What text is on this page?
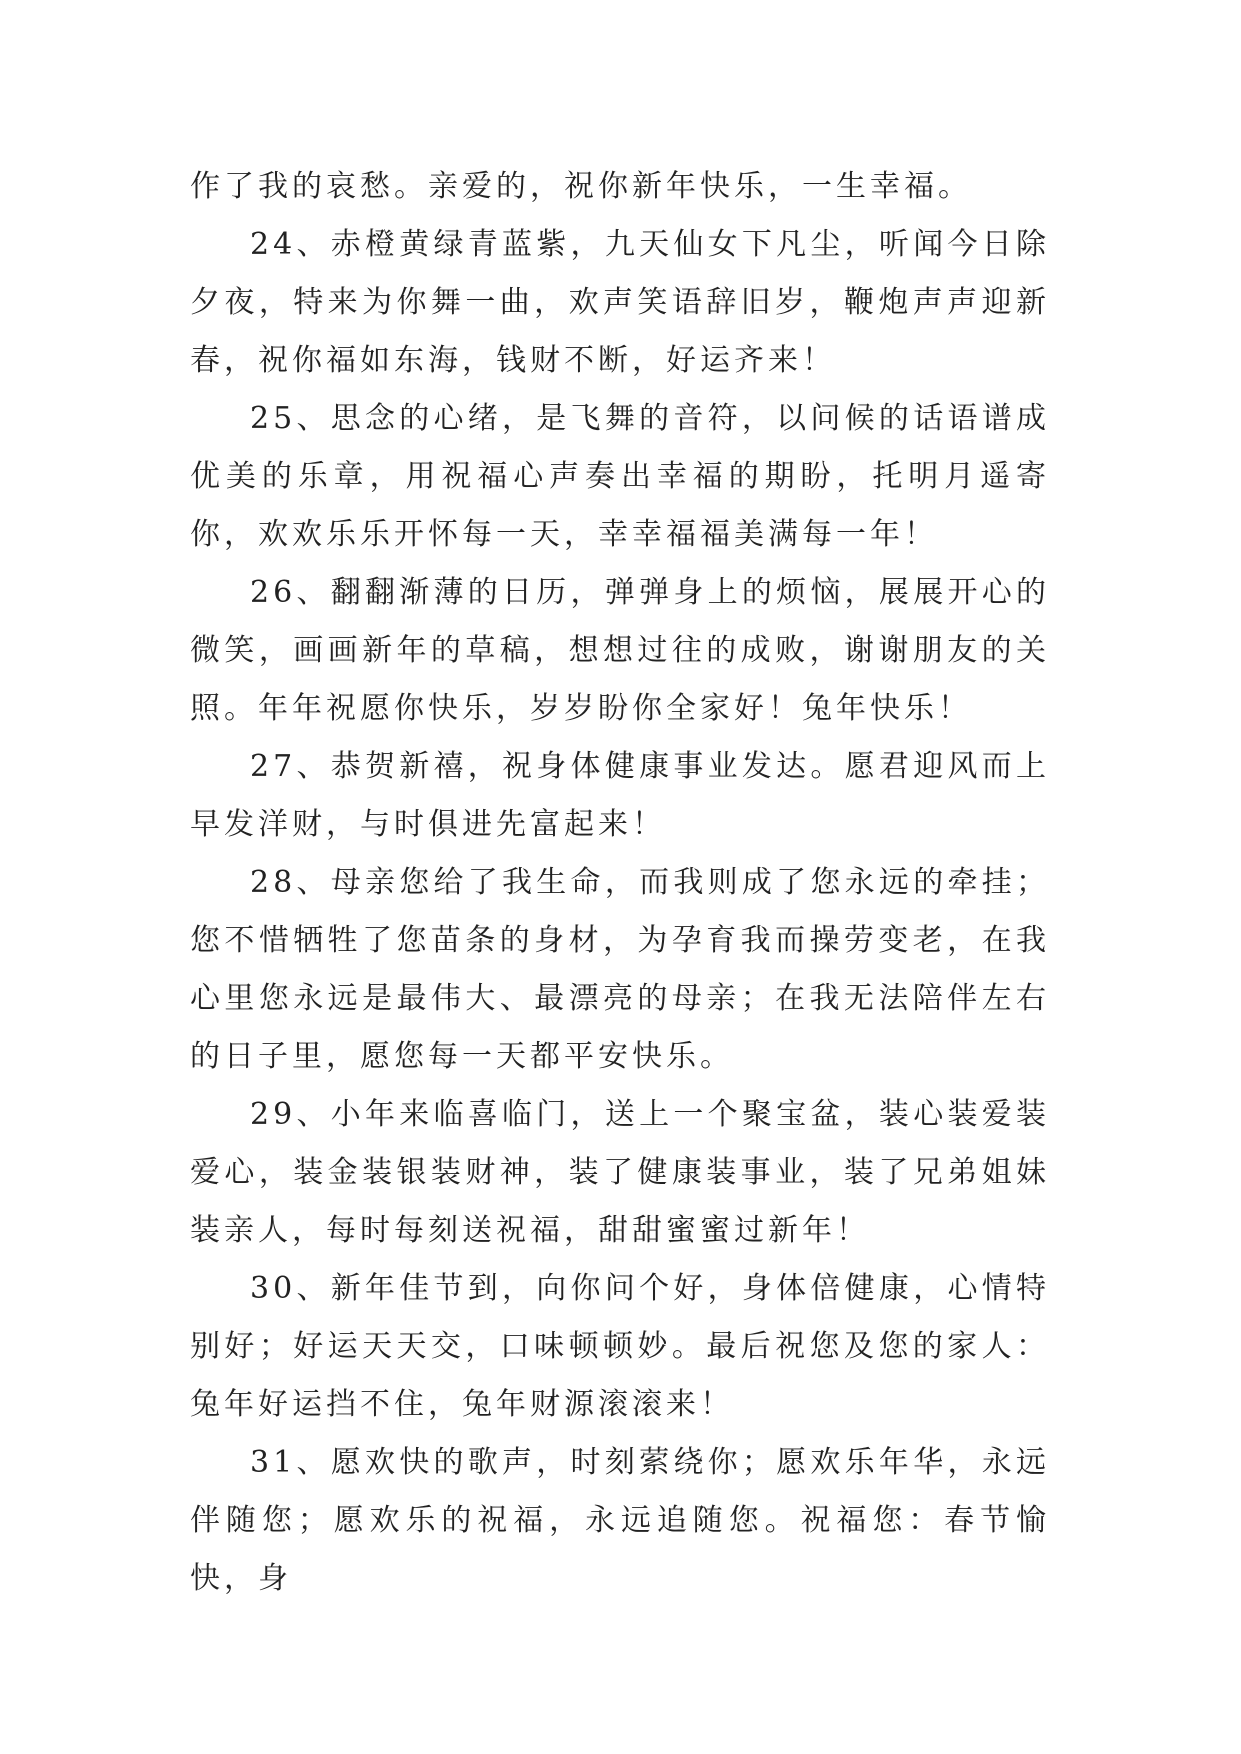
作了我的哀愁。亲爱的，祝你新年快乐，一生幸福。

24、赤橙黄绿青蓝紫，九天仙女下凡尘，听闻今日除夕夜，特来为你舞一曲，欢声笑语辞旧岁，鞭炮声声迎新春，祝你福如东海，钱财不断，好运齐来！

25、思念的心绪，是飞舞的音符，以问候的话语谱成优美的乐章，用祝福心声奏出幸福的期盼，托明月遥寄你，欢欢乐乐开怀每一天，幸幸福福美满每一年！

26、翻翻渐薄的日历，弹弹身上的烦恼，展展开心的微笑，画画新年的草稿，想想过往的成败，谢谢朋友的关照。年年祝愿你快乐，岁岁盼你全家好！兔年快乐！

27、恭贺新禧，祝身体健康事业发达。愿君迎风而上早发洋财，与时俱进先富起来！

28、母亲您给了我生命，而我则成了您永远的牵挂；您不惜牺牲了您苗条的身材，为孕育我而操劳变老，在我心里您永远是最伟大、最漂亮的母亲；在我无法陪伴左右的日子里，愿您每一天都平安快乐。

29、小年来临喜临门，送上一个聚宝盆，装心装爱装爱心，装金装银装财神，装了健康装事业，装了兄弟姐妹装亲人，每时每刻送祝福，甜甜蜜蜜过新年！

30、新年佳节到，向你问个好，身体倍健康，心情特别好；好运天天交，口味顿顿妙。最后祝您及您的家人：兔年好运挡不住，兔年财源滚滚来！

31、愿欢快的歌声，时刻萦绕你；愿欢乐年华，永远伴随您；愿欢乐的祝福，永远追随您。祝福您：春节愉快，身
